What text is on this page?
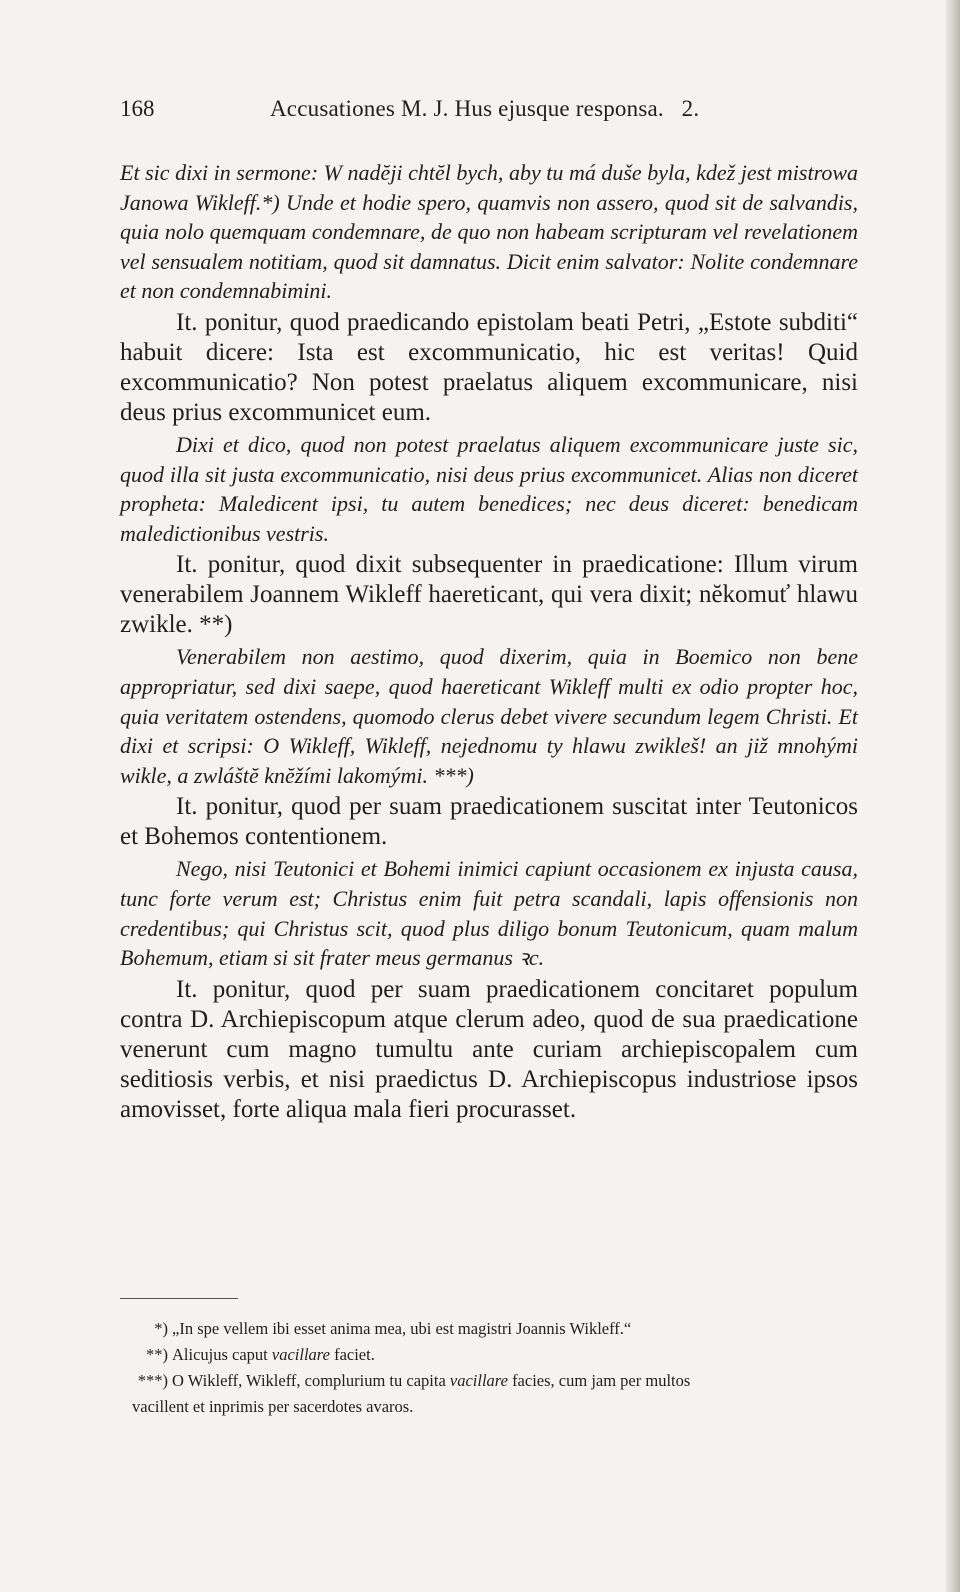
168	Accusationes M. J. Hus ejusque responsa.   2.

Et sic dixi in sermone: W nadĕji chtĕl bych, aby tu má duše byla, kdež jest mistrowa Janowa Wikleff.*) Unde et hodie spero, quamvis non assero, quod sit de salvandis, quia nolo quemquam condemnare, de quo non habeam scripturam vel revelationem vel sensualem notitiam, quod sit damnatus. Dicit enim salvator: Nolite condemnare et non condemnabimini.

It. ponitur, quod praedicando epistolam beati Petri, „Estote subditi“ habuit dicere: Ista est excommunicatio, hic est veritas! Quid excommunicatio? Non potest praelatus aliquem excommunicare, nisi deus prius excommunicet eum.

Dixi et dico, quod non potest praelatus aliquem excommunicare juste sic, quod illa sit justa excommunicatio, nisi deus prius excommunicet. Alias non diceret propheta: Maledicent ipsi, tu autem benedices; nec deus diceret: benedicam maledictionibus vestris.

It. ponitur, quod dixit subsequenter in praedicatione: Illum virum venerabilem Joannem Wikleff haereticant, qui vera dixit; nĕkomuť hlawu zwikle. **)

Venerabilem non aestimo, quod dixerim, quia in Boemico non bene appropriatur, sed dixi saepe, quod haereticant Wikleff multi ex odio propter hoc, quia veritatem ostendens, quomodo clerus debet vivere secundum legem Christi. Et dixi et scripsi: O Wikleff, Wikleff, nejednomu ty hlawu zwikleš! an již mnohými wikle, a zwláštĕ knĕžími lakomými. ***)

It. ponitur, quod per suam praedicationem suscitat inter Teutonicos et Bohemos contentionem.

Nego, nisi Teutonici et Bohemi inimici capiunt occasionem ex injusta causa, tunc forte verum est; Christus enim fuit petra scandali, lapis offensionis non credentibus; qui Christus scit, quod plus diligo bonum Teutonicum, quam malum Bohemum, etiam si sit frater meus germanus ꝛc.

It. ponitur, quod per suam praedicationem concitaret populum contra D. Archiepiscopum atque clerum adeo, quod de sua praedicatione venerunt cum magno tumultu ante curiam archiepiscopalem cum seditiosis verbis, et nisi praedictus D. Archiepiscopus industriose ipsos amovisset, forte aliqua mala fieri procurasset.

*) „In spe vellem ibi esset anima mea, ubi est magistri Joannis Wikleff.“

**) Alicujus caput vacillare faciet.

***) O Wikleff, Wikleff, complurium tu capita vacillare facies, cum jam per multos

vacillent et inprimis per sacerdotes avaros.
